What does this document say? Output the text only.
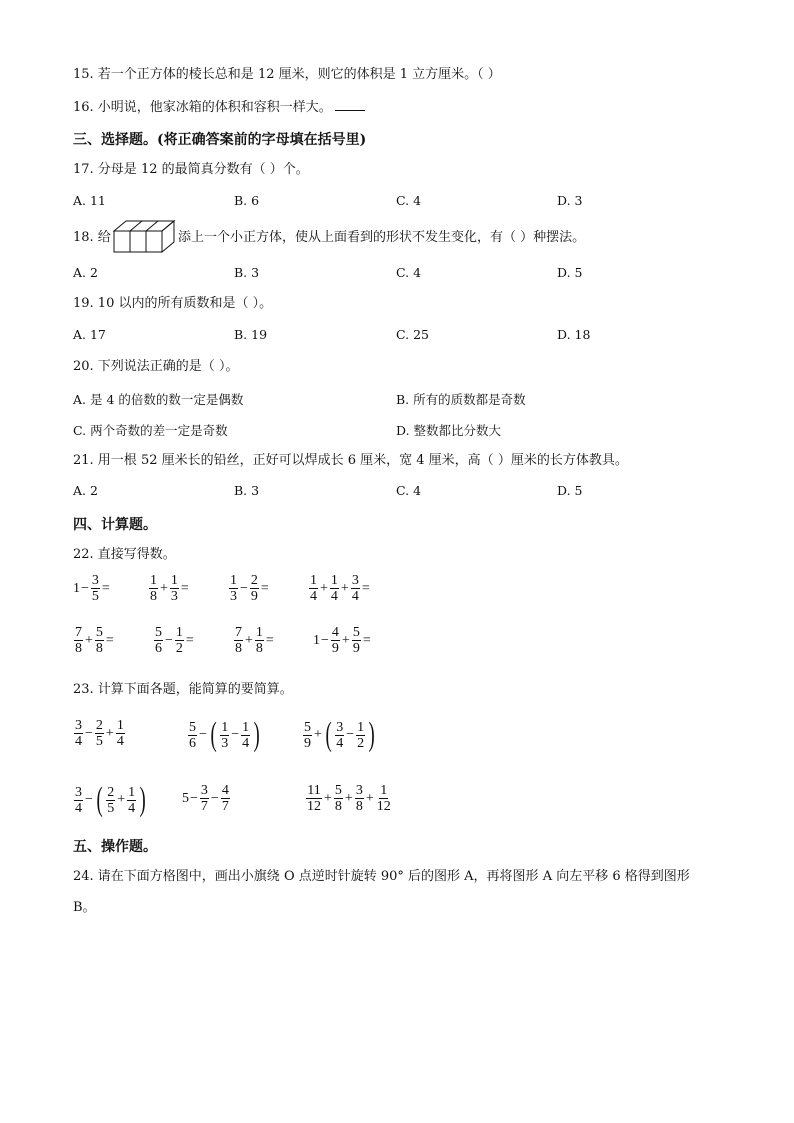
15. 若一个正方体的棱长总和是 12 厘米，则它的体积是 1 立方厘米。（ ）
16. 小明说，他家冰箱的体积和容积一样大。
三、选择题。(将正确答案前的字母填在括号里)
17. 分母是 12 的最简真分数有（ ）个。
A. 11	B. 6	C. 4	D. 3
18. 给	添上一个小正方体，使从上面看到的形状不发生变化，有（ ）种摆法。
A. 2	B. 3	C. 4	D. 5
19. 10 以内的所有质数和是（ ）。
A. 17	B. 19	C. 25	D. 18
20. 下列说法正确的是（ ）。
A. 是 4 的倍数的数一定是偶数	B. 所有的质数都是奇数
C. 两个奇数的差一定是奇数	D. 整数都比分数大
21. 用一根 52 厘米长的铅丝，正好可以焊成长 6 厘米，宽 4 厘米，高（ ）厘米的长方体教具。
A. 2	B. 3	C. 4	D. 5
四、计算题。
22. 直接写得数。
$1 - \frac{3}{5}$ =	$\frac{1}{8} + \frac{1}{3}$ =	$\frac{1}{3} - \frac{2}{9}$ =	$\frac{1}{4} + \frac{1}{4} + \frac{3}{4}$ =
$\frac{7}{8} + \frac{5}{8}$ =	$\frac{5}{6} - \frac{1}{2}$ =	$\frac{7}{8} + \frac{1}{8}$ =	$1 - \frac{4}{9} + \frac{5}{9}$ =
23. 计算下面各题，能简算的要简算。
$\frac{3}{4} - \frac{2}{5} + \frac{1}{4}$	$\frac{5}{6}$ − ( $\frac{1}{3} - \frac{1}{4}$ )	$\frac{5}{9}$ + ( $\frac{3}{4} - \frac{1}{2}$ )
$\frac{3}{4}$ − ( $\frac{2}{5} + \frac{1}{4}$ )	$5 - \frac{3}{7} - \frac{4}{7}$	$\frac{11}{12} + \frac{5}{8} + \frac{3}{8} + \frac{1}{12}$
五、操作题。
24. 请在下面方格图中，画出小旗绕 O 点逆时针旋转 90° 后的图形 A，再将图形 A 向左平移 6 格得到图形
B。
